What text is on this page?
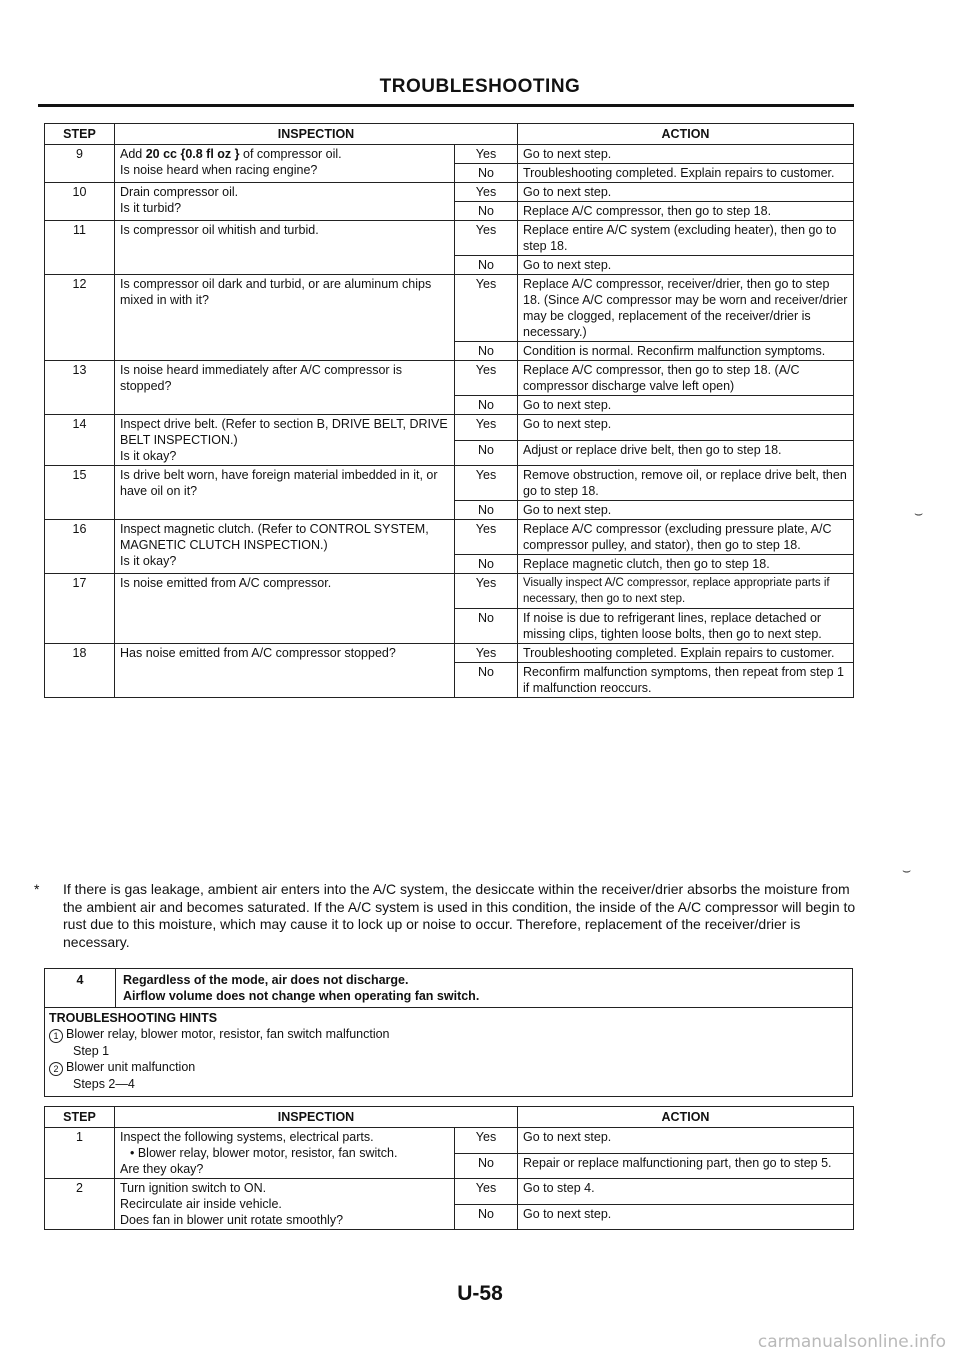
TROUBLESHOOTING
STEP	INSPECTION		ACTION
9	Add 20 cc {0.8 fl oz } of compressor oil.
Is noise heard when racing engine?	Yes	Go to next step.
		No	Troubleshooting completed. Explain repairs to customer.
10	Drain compressor oil.
Is it turbid?	Yes	Go to next step.
		No	Replace A/C compressor, then go to step 18.
11	Is compressor oil whitish and turbid.	Yes	Replace entire A/C system (excluding heater), then go to step 18.
		No	Go to next step.
12	Is compressor oil dark and turbid, or are aluminum chips mixed in with it?	Yes	Replace A/C compressor, receiver/drier, then go to step 18. (Since A/C compressor may be worn and receiver/drier may be clogged, replacement of the receiver/drier is necessary.)
		No	Condition is normal. Reconfirm malfunction symptoms.
13	Is noise heard immediately after A/C compressor is stopped?	Yes	Replace A/C compressor, then go to step 18. (A/C compressor discharge valve left open)
		No	Go to next step.
14	Inspect drive belt. (Refer to section B, DRIVE BELT, DRIVE BELT INSPECTION.)
Is it okay?	Yes	Go to next step.
		No	Adjust or replace drive belt, then go to step 18.
15	Is drive belt worn, have foreign material imbedded in it, or have oil on it?	Yes	Remove obstruction, remove oil, or replace drive belt, then go to step 18.
		No	Go to next step.
16	Inspect magnetic clutch. (Refer to CONTROL SYSTEM, MAGNETIC CLUTCH INSPECTION.)
Is it okay?	Yes	Replace A/C compressor (excluding pressure plate, A/C compressor pulley, and stator), then go to step 18.
		No	Replace magnetic clutch, then go to step 18.
17	Is noise emitted from A/C compressor.	Yes	Visually inspect A/C compressor, replace appropriate parts if necessary, then go to next step.
		No	If noise is due to refrigerant lines, replace detached or missing clips, tighten loose bolts, then go to next step.
18	Has noise emitted from A/C compressor stopped?	Yes	Troubleshooting completed. Explain repairs to customer.
		No	Reconfirm malfunction symptoms, then repeat from step 1 if malfunction reoccurs.
*	If there is gas leakage, ambient air enters into the A/C system, the desiccate within the receiver/drier absorbs the moisture from the ambient air and becomes saturated. If the A/C system is used in this condition, the inside of the A/C compressor will begin to rust due to this moisture, which may cause it to lock up or noise to occur. Therefore, replacement of the receiver/drier is necessary.
4	Regardless of the mode, air does not discharge.
Airflow volume does not change when operating fan switch.
TROUBLESHOOTING HINTS
1 Blower relay, blower motor, resistor, fan switch malfunction
Step 1
2 Blower unit malfunction
Steps 2—4
STEP	INSPECTION		ACTION
1	Inspect the following systems, electrical parts.
• Blower relay, blower motor, resistor, fan switch.
Are they okay?	Yes	Go to next step.
		No	Repair or replace malfunctioning part, then go to step 5.
2	Turn ignition switch to ON.
Recirculate air inside vehicle.
Does fan in blower unit rotate smoothly?	Yes	Go to step 4.
		No	Go to next step.
⌣
⌣
U-58
carmanualsonline.info
